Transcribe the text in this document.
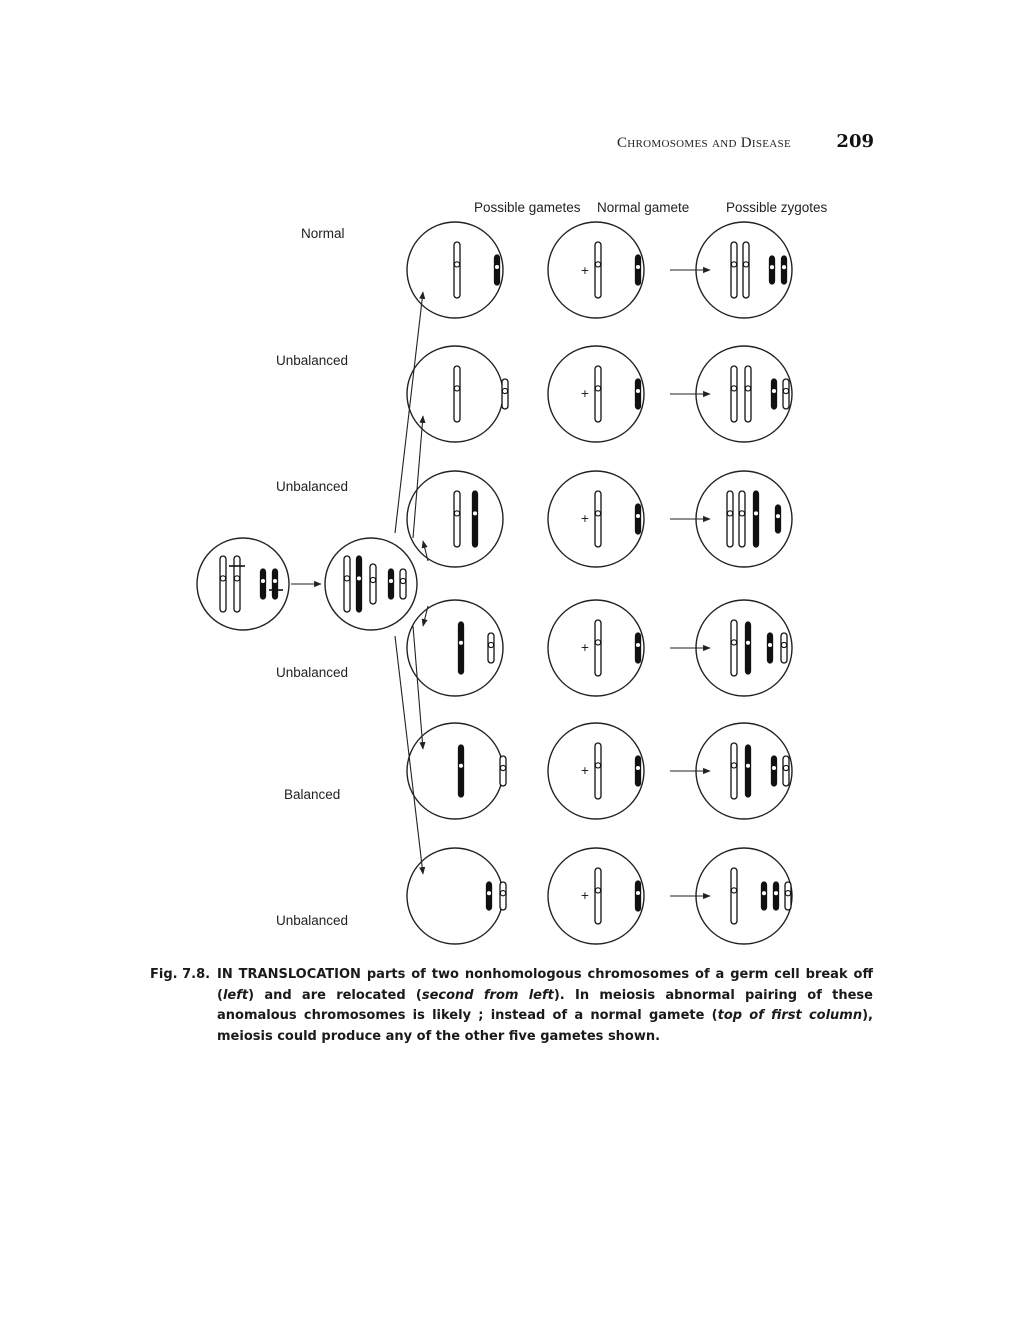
Chromosomes and Disease	209
Possible gametes Normal gamete	Possible zygotes
Normal
Unbalanced
Unbalanced
Unbalanced
Balanced
Unbalanced
+
+
+
+
+
+
Fig. 7.8. IN TRANSLOCATION parts of two nonhomologous chromosomes of a germ cell break off (left) and are relocated (second from left). In meiosis abnormal pairing of these anomalous chromosomes is likely ; instead of a normal gamete (top of first column), meiosis could produce any of the other five gametes shown.
